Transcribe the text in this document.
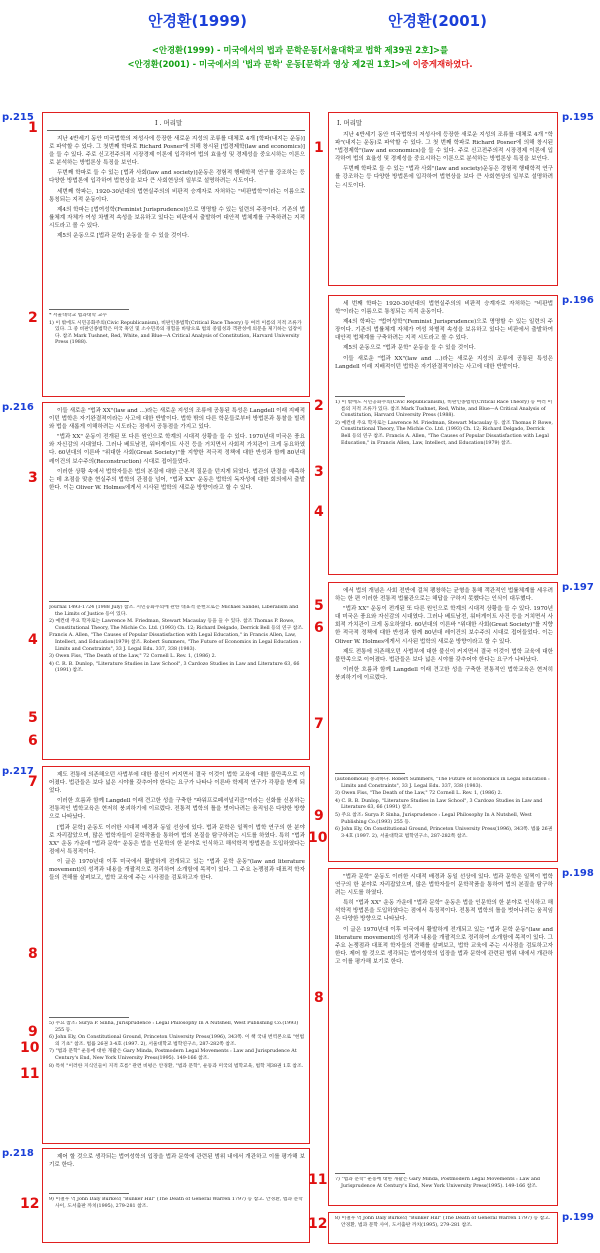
안경환(1999)	안경환(2001)
<안경환(1999) - 미국에서의 법과 문학운동[서울대학교 법학 제39권 2호]>를
<안경환(2001) - 미국에서의 '법과 문학' 운동[문학과 영상 제2권 1호]>에 이중게재하였다.
p.215
p.216
p.217
p.218
p.195
p.196
p.197
p.198
p.199
I . 머리말

지난 4반세기 동안 미국법학의 저성사에 등장한 새로운 지성의 조류를 대체로 4개 [학파(내지는 운동)]로 파악할 수 있다. 그 첫번째 학파로 Richard Posner에 의해 창시된 [법경제학(law and economics)]을 들 수 있다. 주로 신고전주의적 시장경제 이론에 입각하여 법의 효율성 및 경제성을 중요시하는 이론으로 분석하는 방법론상 특징을 보인다.

두번째 학파로 들 수 있는 [법과 사회(law and society)]운동은 경험적 행태학적 연구를 강조하는 등 다양한 방법론에 입각하여 법현상을 보다 큰 사회현상의 일부로 설명하려는 시도이다.

세번째 학파는, 1920-30년대의 법현실주의의 비판적 승계자로 자처하는 "비판법학"이라는 이름으로 통칭되는 지적 운동이다.

제4의 학파는 [법여성학(Feminist Jurisprudence)]으로 명명할 수 있는 일련의 주장이다. 기존의 법률체계 자체가 여성 차별적 속성을 보유하고 있다는 비판에서 출발하여 대안적 법체계를 구축하려는 지적 시도라고 볼 수 있다.

제5의 운동으로 [법과 문학] 운동을 들 수 있을 것이다.

* 서울대학교 법과대학 교수

1) 이 밖에도 시민공화주의(Civic Republicanism), 비판인종법학(Critical Race Theory) 등 여러 이름의 지적 조류가 있다. 그 중 비판인종법학은 미국 흑인 및 소수민족의 경험을 바탕으로 법의 중립성과 객관성에 의문을 제기하는 입장이다. 참조 Mark Tushnet, Red, White, and Blue—A Critical Analysis of Constitution, Harvard University Press (1988).

이들 새로운 "법과 XX"(law and ...)라는 새로운 지성의 조류에 공통된 특성은 Langdell 이래 지배적이던 법학은 자기완결적이라는 사고에 대한 반발이다. 법학 밖의 다른 학문들로부터 방법론과 통찰을 빌려와 법을 새롭게 이해하려는 시도라는 점에서 공통점을 가지고 있다.

"법과 XX" 운동이 전개된 또 다른 원인으로 학계의 시대적 상황을 들 수 있다. 1970년대 미국은 풍요와 자신감의 시대였다. 그러나 베트남전, 워터게이트 사건 등을 거치면서 사회적 가치관이 크게 동요하였다. 60년대의 이른바 "위대한 사회(Great Society)"를 지향한 적극적 정책에 대한 반성과 함께 80년대 레이건의 보수주의(Reconstruction) 시대로 접어들었다.

이러한 상황 속에서 법학자들은 법의 본질에 대한 근본적 질문을 던지게 되었다. 법관의 판결을 예측하는 데 초점을 맞춘 현실주의 법학의 관점을 넘어, "법과 XX" 운동은 법학의 독자성에 대한 회의에서 출발한다. 이는 Oliver W. Holmes에게서 시사된 법학의 새로운 방향이라고 할 수 있다.

Journal 1493-1724 (1988 July) 참조. 시민공화주의에 관한 대표적 문헌으로는 Michael Sandel, Liberalism and the Limits of Justice 등이 있다.

2) 예컨대 주요 학자로는 Lawrence M. Friedman, Stewart Macaulay 등을 들 수 있다. 참조 Thomas P. Rowe, Constitutional Theory, The Michie Co. Ltd. (1993) Ch. 12; Richard Delgado, Derrick Bell 등의 연구 참조.

Francis A. Allen, "The Causes of Popular Dissatisfaction with Legal Education," in Francis Allen, Law, Intellect, and Education(1979) 참조. Robert Summers, "The Future of Economics in Legal Education : Limits and Constraints", 33 J. Legal Edu. 337, 338 (1983).

3) Owen Fiss, "The Death of the Law," 72 Cornell L. Rev. 1, (1986) 2.

4) C. R. B. Dunlop, "Literature Studies in Law School", 3 Cardozo Studies in Law and Literature 63, 66 (1991) 참조.

제도 전통에 의존해오던 사법부에 대한 불신이 커지면서 결국 이것이 법학 교육에 대한 불만족으로 이어졌다. 법관들은 보다 넓은 시야를 갖추어야 한다는 요구가 나타나 이른바 학제적 연구가 각광을 받게 되었다.

이러한 흐름과 함께 Langdell 이래 견고한 성을 구축한 "파워프로페셔널리즘"이라는 신화를 신봉하는 전통적인 법학교육은 현저히 붕괴하기에 이르렀다. 전통적 법학의 틀을 벗어나려는 움직임은 다양한 방향으로 나타났다.

[법과 문학] 운동도 이러한 시대적 배경과 동일 선상에 있다. 법과 문학은 일찍이 법학 연구의 한 분야로 자리잡았으며, 많은 법학자들이 문학작품을 통하여 법의 본질을 탐구하려는 시도를 하였다. 특히 "법과 XX" 운동 가운데 "법과 문학" 운동은 법을 인문학의 한 분야로 인식하고 해석학적 방법론을 도입하였다는 점에서 특징적이다.

이 글은 1970년대 이후 미국에서 활발하게 전개되고 있는 "법과 문학 운동"(law and literature movement)의 성격과 내용을 개괄적으로 정리하여 소개함에 목적이 있다. 그 주요 논쟁점과 대표적 학자들의 견해를 살펴보고, 법학 교육에 주는 시사점을 검토하고자 한다.

5) 주요 참조: Surya P. Sinha, Jurisprudence : Legal Philosophy In A Nutshell, West Publishing Co.(1993) 255 등.

6) John Ely, On Constitutional Ground, Princeton University Press(1996), 343쪽. 이 책 국내 번역본으로 "헌법의 기초" 참조. 법률 26권 3·4호 (1997. 2), 서울대학교 법학연구소, 287-282쪽 참조.

7) "법과 문학" 운동에 대한 개괄은 Gary Minda, Postmodern Legal Movements : Law and Jurisprudence At Century's End, New York University Press(1995). 149-166 참조.

8) 특히 "이러한 지식인들이 지적 흐름" 관련 비평은 안경환, "법과 문학", 운동과 미국의 법학교육, 법학 제38권 1호 참조.

제어 할 것으로 생각되는 법여성학의 입장을 법과 문학에 관련된 범위 내에서 개관하고 이를 평가해 보기로 한다.

9) 이철우 역 John Daly Burke의 "Bunker Hill" (The Death of General Warren 1797) 등 참고. 안경환, 법과 문학 사이, 도서출판 까치(1995), 279-281 참조.

1
2
3
4
5
6
7
8
9
10
11
12
I. 머리말

지난 4반세기 동안 미국법학의 저성사에 등장한 새로운 지성의 조류를 대체로 4개 "학파"(내지는 운동)로 파악할 수 있다. 그 첫 번째 학파로 Richard Posner에 의해 창시된 "법경제학"(law and economics)을 들 수 있다. 주로 신고전주의적 시장경제 이론에 입각하여 법의 효율성 및 경제성을 중요시하는 이론으로 분석하는 방법론상 특징을 보인다.

두번째 학파로 들 수 있는 "법과 사회"(law and society)운동은 경험적 행태학적 연구를 강조하는 등 다양한 방법론에 입각하여 법현상을 보다 큰 사회현상의 일부로 설명하려는 시도이다.

세 번째 학파는 1920-30년대의 법현실주의의 비판적 승계자로 자처하는 "비판법학"이라는 이름으로 통칭되는 지적 운동이다.

제4의 학파는 "법여성학"(Feminist Jurisprudence)으로 명명할 수 있는 일련의 주장이다. 기존의 법률체계 자체가 여성 차별적 속성을 보유하고 있다는 비판에서 출발하여 대안적 법체계를 구축하려는 지적 시도라고 볼 수 있다.

제5의 운동으로 "법과 문학" 운동을 들 수 있을 것이다.

이들 새로운 "법과 XX"(law and ...)라는 새로운 지성의 조류에 공통된 특성은 Langdell 이래 지배적이던 법학은 자기완결적이라는 사고에 대한 반발이다.

1) 이 밖에도 시민공화주의(Civic Republicanism), 비판인종법학(Critical Race Theory) 등 여러 이름의 지적 조류가 있다. 참조 Mark Tushnet, Red, White, and Blue—A Critical Analysis of Constitution, Harvard University Press (1988).

2) 예컨대 주요 학자로는 Lawrence M. Friedman, Stewart Macaulay 등. 참조 Thomas P. Rowe, Constitutional Theory, The Michie Co. Ltd. (1993) Ch. 12; Richard Delgado, Derrick Bell 등의 연구 참조. Francis A. Allen, "The Causes of Popular Dissatisfaction with Legal Education," in Francis Allen, Law, Intellect, and Education(1979) 참조.

에서 법의 개념은 사회 전반에 걸쳐 팽창하는 균형을 통해 객관적인 법률체계를 세우려 하는 한 편 이러한 전통적 법률관으로는 해답을 구하지 못했다는 인식이 대두했다.

"법과 XX" 운동이 전개된 또 다른 원인으로 학계의 시대적 상황을 들 수 있다. 1970년대 미국은 풍요와 자신감의 시대였다. 그러나 베트남전, 워터게이트 사건 등을 거치면서 사회적 가치관이 크게 동요하였다. 60년대의 이른바 "위대한 사회(Great Society)"를 지향한 적극적 정책에 대한 반성과 함께 80년대 레이건의 보수주의 시대로 접어들었다. 이는 Oliver W. Holmes에게서 시사된 법학의 새로운 방향이라고 할 수 있다.

제도 전통에 의존해오던 사법부에 대한 불신이 커지면서 결국 이것이 법학 교육에 대한 불만족으로 이어졌다. 법관들은 보다 넓은 시야를 갖추어야 한다는 요구가 나타났다.

이러한 흐름과 함께 Langdell 이래 견고한 성을 구축한 전통적인 법학교육은 현저히 붕괴하기에 이르렀다.

(autonomous) 붕괴하다. Robert Summers, "The Future of Economics in Legal Education : Limits and Constraints", 33 J. Legal Edu. 337, 338 (1983).

3) Owen Fiss, "The Death of the Law," 72 Cornell L. Rev. 1, (1986) 2.

4) C. R. B. Dunlop, "Literature Studies in Law School", 3 Cardozo Studies in Law and Literature 63, 66 (1991) 참조.

5) 주요 참조: Surya P. Sinha, Jurisprudence : Legal Philosophy In A Nutshell, West Publishing Co.(1993) 255 등.

6) John Ely, On Constitutional Ground, Princeton University Press(1996), 343쪽. 법률 26권 3·4호 (1997. 2), 서울대학교 법학연구소, 287-282쪽 참조.

"법과 문학" 운동도 이러한 시대적 배경과 동일 선상에 있다. 법과 문학은 일찍이 법학 연구의 한 분야로 자리잡았으며, 많은 법학자들이 문학작품을 통하여 법의 본질을 탐구하려는 시도를 하였다.

특히 "법과 XX" 운동 가운데 "법과 문학" 운동은 법을 인문학의 한 분야로 인식하고 해석학적 방법론을 도입하였다는 점에서 특징적이다. 전통적 법학의 틀을 벗어나려는 움직임은 다양한 방향으로 나타났다.

이 글은 1970년대 이후 미국에서 활발하게 전개되고 있는 "법과 문학 운동"(law and literature movement)의 성격과 내용을 개괄적으로 정리하여 소개함에 목적이 있다. 그 주요 논쟁점과 대표적 학자들의 견해를 살펴보고, 법학 교육에 주는 시사점을 검토하고자 한다. 제어 할 것으로 생각되는 법여성학의 입장을 법과 문학에 관련된 범위 내에서 개관하고 이를 평가해 보기로 한다.

7) "법과 문학" 운동에 대한 개괄은 Gary Minda, Postmodern Legal Movements : Law and Jurisprudence At Century's End, New York University Press(1995). 149-166 참조.

8) 이철우 역 John Daly Burke의 "Bunker Hill" (The Death of General Warren 1797) 등 참고. 안경환, 법과 문학 사이, 도서출판 까치(1995), 279-281 참조.

1
2
3
4
5
6
7
8
9
10
11
12
